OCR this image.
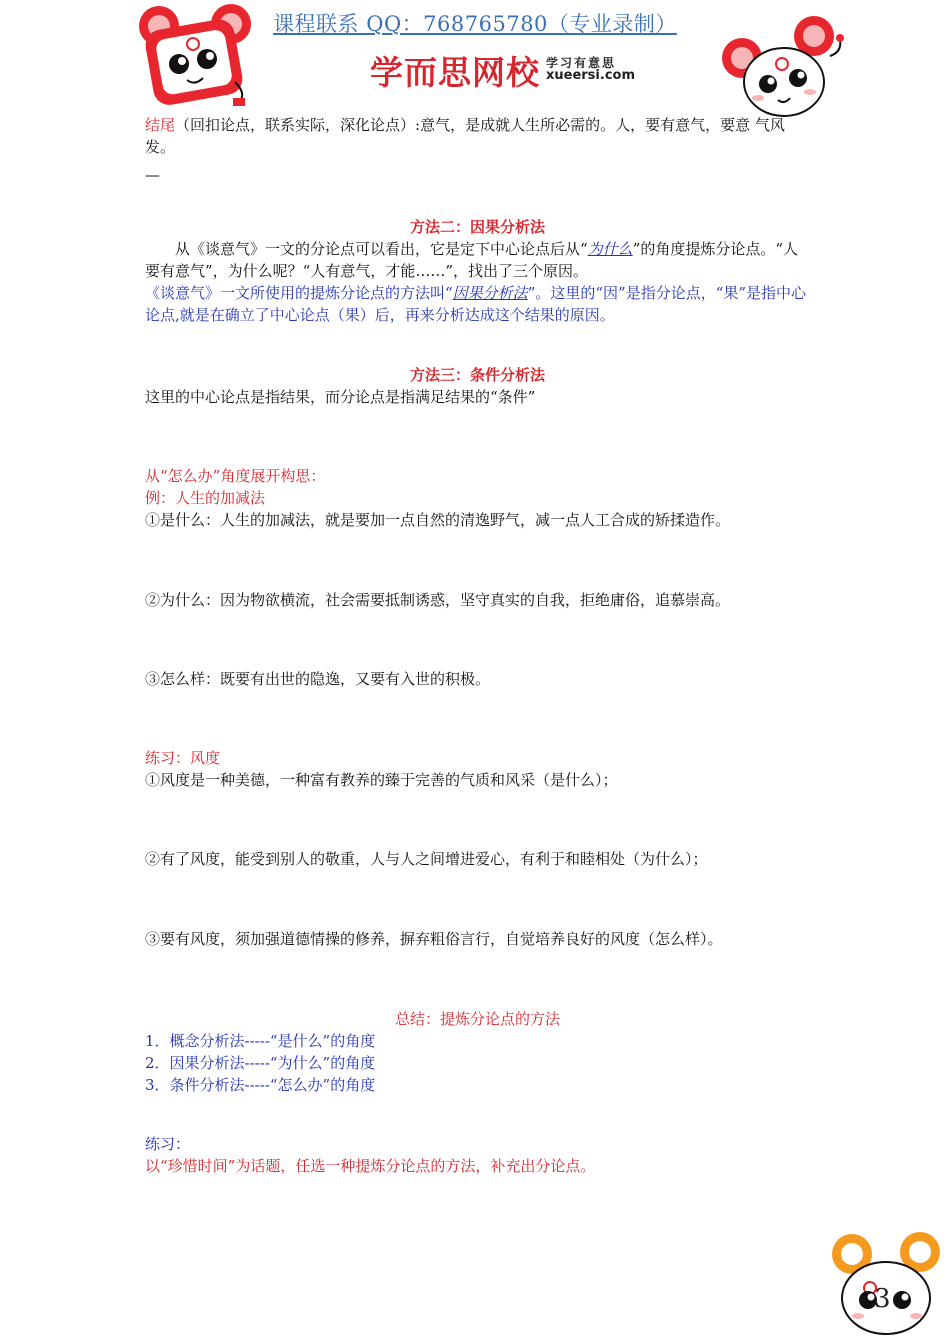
课程联系 QQ：768765780（专业录制）
学而思网校 学习有意思
xueersi.com

结尾（回扣论点，联系实际，深化论点）:意气，是成就人生所必需的。人，要有意气，要意 气风发。

—

方法二：因果分析法

从《谈意气》一文的分论点可以看出，它是定下中心论点后从“为什么”的角度提炼分论点。“人要有意气”，为什么呢？“人有意气，才能……”，找出了三个原因。

《谈意气》一文所使用的提炼分论点的方法叫“因果分析法”。这里的“因”是指分论点，“果”是指中心论点,就是在确立了中心论点（果）后，再来分析达成这个结果的原因。

方法三：条件分析法

这里的中心论点是指结果，而分论点是指满足结果的“条件”

从“怎么办”角度展开构思：

例：人生的加减法

①是什么：人生的加减法，就是要加一点自然的清逸野气，减一点人工合成的矫揉造作。

②为什么：因为物欲横流，社会需要抵制诱惑，坚守真实的自我，拒绝庸俗，追慕崇高。

③怎么样：既要有出世的隐逸，又要有入世的积极。

练习：风度

①风度是一种美德，一种富有教养的臻于完善的气质和风采（是什么）；

②有了风度，能受到别人的敬重，人与人之间增进爱心，有利于和睦相处（为什么）；

③要有风度，须加强道德情操的修养，摒弃粗俗言行，自觉培养良好的风度（怎么样）。

总结：提炼分论点的方法

1．概念分析法-----“是什么”的角度

2．因果分析法-----“为什么”的角度

3．条件分析法-----“怎么办”的角度

练习：

以“珍惜时间”为话题，任选一种提炼分论点的方法，补充出分论点。

3
